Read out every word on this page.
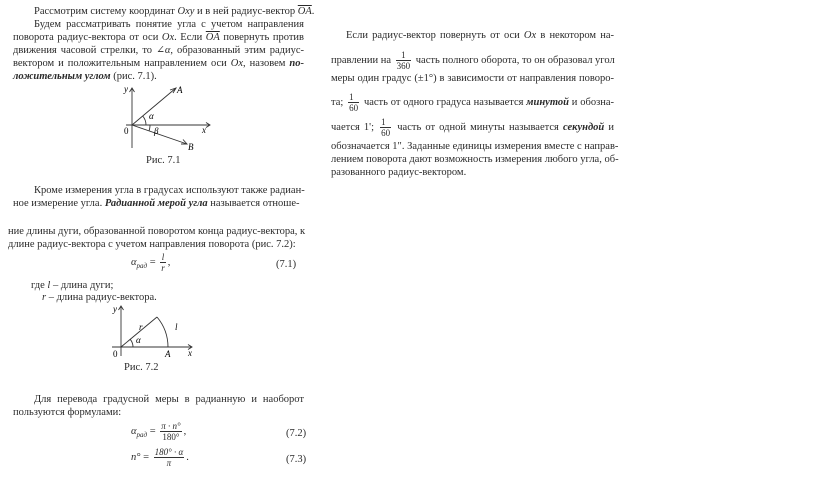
Рассмотрим систему координат Oxy и в ней радиус-вектор $\overline{OA}$.
Будем рассматривать понятие угла с учетом направления
поворота радиус-вектора от оси Ox. Если $\overline{OA}$ повернуть против
движения часовой стрелки, то ∠α, образованный этим радиус-
вектором и положительным направлением оси Ox, назовем по-
ложительным углом (рис. 7.1).
y	A
α
x
0	β
B
Рис. 7.1
Кроме измерения угла в градусах используют также радиан-
ное измерение угла. Радианной мерой угла называется отноше-
ние длины дуги, образованной поворотом конца радиус-вектора, к
длине радиус-вектора с учетом направления поворота (рис. 7.2):
$\alpha_{рад} = \frac{l}{r}$ ,	(7.1)
где l – длина дуги;
r – длина радиус-вектора.
y
r	l
α
x
0	A
Рис. 7.2
Для перевода градусной меры в радианную и наоборот
пользуются формулами:
$\alpha_{рад} = \frac{\pi \cdot n^\circ}{180^\circ}$ ,	(7.2)
$n^\circ = \frac{180^\circ \cdot \alpha}{\pi}$ .	(7.3)
Если радиус-вектор повернуть от оси Ox в некотором на-
правлении на $\frac{1}{360}$ часть полного оборота, то он образовал угол
меры один градус (±1°) в зависимости от направления поворо-
та; $\frac{1}{60}$ часть от одного градуса называется минутой и обозна-
чается 1'; $\frac{1}{60}$ часть от одной минуты называется секундой и
обозначается 1". Заданные единицы измерения вместе с направ-
лением поворота дают возможность измерения любого угла, об-
разованного радиус-вектором.
